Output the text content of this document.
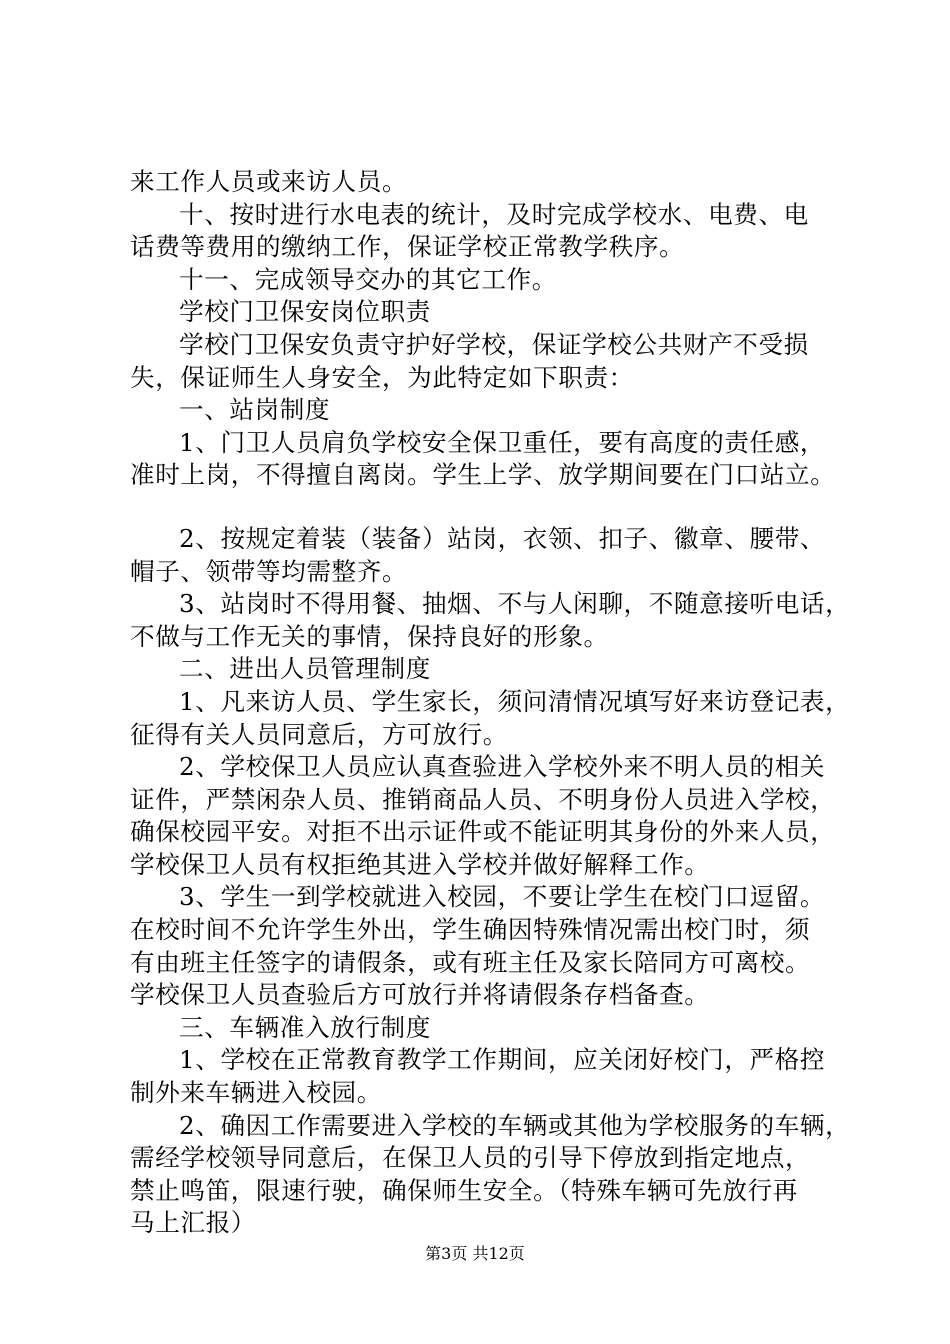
来工作人员或来访人员。
十、按时进行水电表的统计，及时完成学校水、电费、电
话费等费用的缴纳工作，保证学校正常教学秩序。
十一、完成领导交办的其它工作。
学校门卫保安岗位职责
学校门卫保安负责守护好学校，保证学校公共财产不受损
失，保证师生人身安全，为此特定如下职责：
一、站岗制度
1、门卫人员肩负学校安全保卫重任，要有高度的责任感，
准时上岗，不得擅自离岗。学生上学、放学期间要在门口站立。
2、按规定着装（装备）站岗，衣领、扣子、徽章、腰带、
帽子、领带等均需整齐。
3、站岗时不得用餐、抽烟、不与人闲聊，不随意接听电话，
不做与工作无关的事情，保持良好的形象。
二、进出人员管理制度
1、凡来访人员、学生家长，须问清情况填写好来访登记表，
征得有关人员同意后，方可放行。
2、学校保卫人员应认真查验进入学校外来不明人员的相关
证件，严禁闲杂人员、推销商品人员、不明身份人员进入学校，
确保校园平安。对拒不出示证件或不能证明其身份的外来人员，
学校保卫人员有权拒绝其进入学校并做好解释工作。
3、学生一到学校就进入校园，不要让学生在校门口逗留。
在校时间不允许学生外出，学生确因特殊情况需出校门时，须
有由班主任签字的请假条，或有班主任及家长陪同方可离校。
学校保卫人员查验后方可放行并将请假条存档备查。
三、车辆准入放行制度
1、学校在正常教育教学工作期间，应关闭好校门，严格控
制外来车辆进入校园。
2、确因工作需要进入学校的车辆或其他为学校服务的车辆，
需经学校领导同意后，在保卫人员的引导下停放到指定地点，
禁止鸣笛，限速行驶，确保师生安全。（特殊车辆可先放行再
马上汇报）
第3页 共12页
